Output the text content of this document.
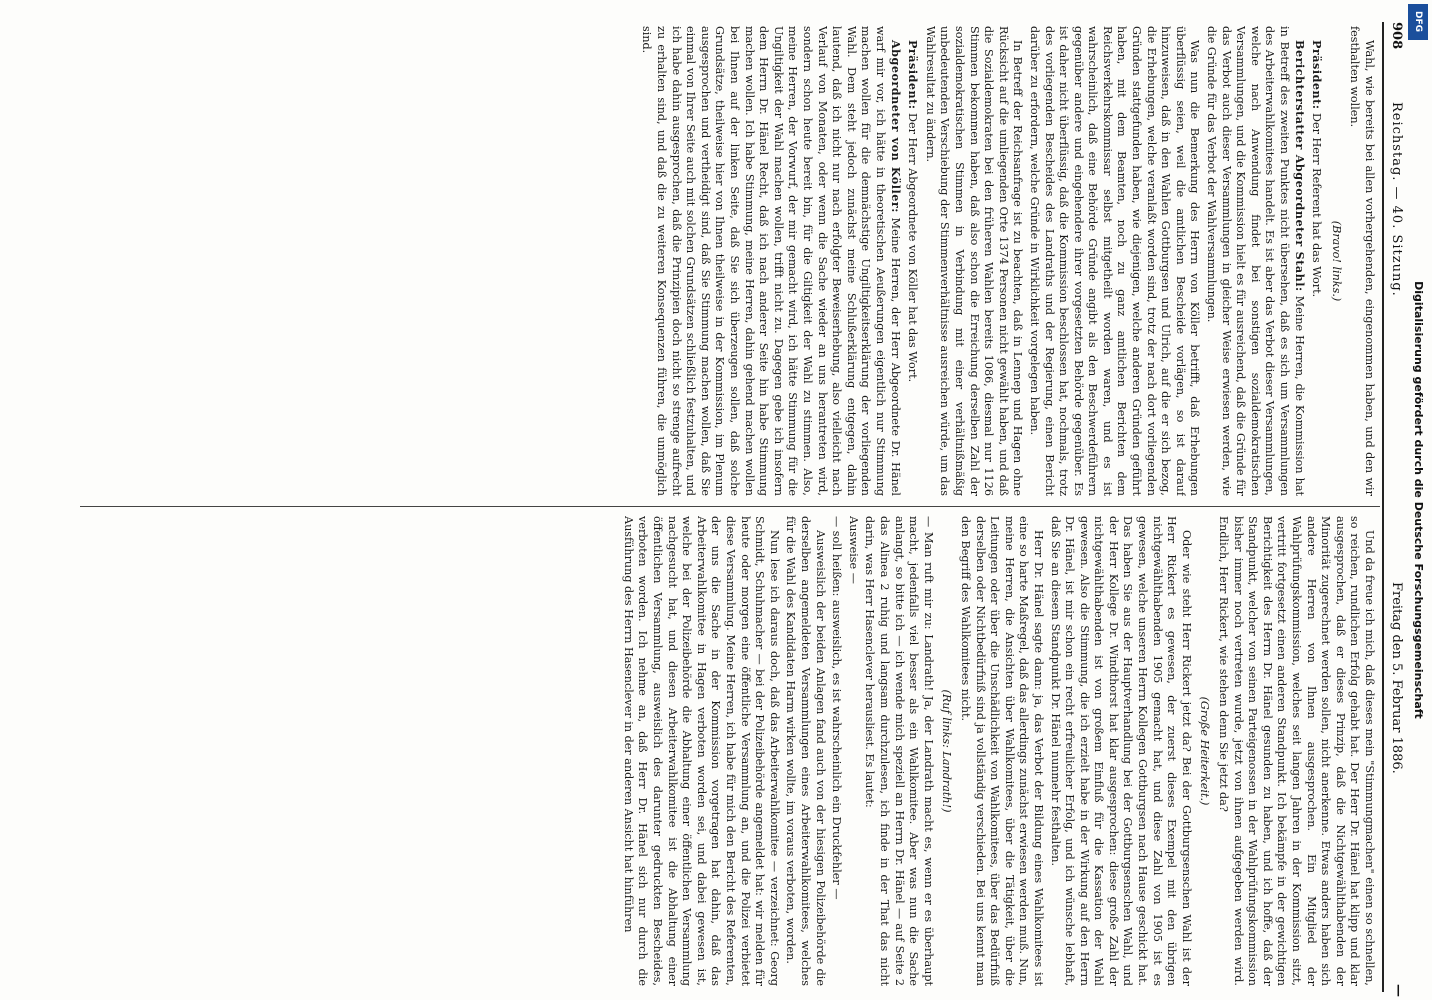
908
Reichstag. — 40. Sitzung.
Freitag den 5. Februar 1886.
—

Wahl, wie bereits bei allen vorhergehenden, eingenommen haben, und den wir festhalten wollen.

(Bravo! links.)

Präsident: Der Herr Referent hat das Wort.

Berichterstatter Abgeordneter Stahl: Meine Herren, die Kommission hat in Betreff des zweiten Punktes nicht übersehen, daß es sich um Versammlungen des Arbeiterwahlkomitees handelt. Es ist aber das Verbot dieser Versammlungen, welche nach Anwendung findet bei sonstigen sozialdemokratischen Versammlungen, und die Kommission hielt es für ausreichend, daß die Gründe für das Verbot auch dieser Versammlungen in gleicher Weise erwiesen werden, wie die Gründe für das Verbot der Wahlversammlungen.

Was nun die Bemerkung des Herrn von Köller betrifft, daß Erhebungen überflüssig seien, weil die amtlichen Bescheide vorlägen, so ist darauf hinzuweisen, daß in den Wahlen Gottburgsen und Ulrich, auf die er sich bezog, die Erhebungen, welche veranlaßt worden sind, trotz der nach dort vorliegenden Gründen stattgefunden haben, wie diejenigen, welche anderen Gründen geführt haben, mit dem Beamten, noch zu ganz amtlichen Berichten dem Reichsverkehrskommissar selbst mitgetheilt worden waren, und es ist wahrscheinlich, daß eine Behörde Gründe angibt als den Beschwerdeführern gegenüber andere und eingehendere ihrer vorgesetzten Behörde gegenüber. Es ist daher nicht überflüssig, daß die Kommission beschlossen hat, nochmals, trotz des vorliegenden Bescheides des Landraths und der Regierung, einen Bericht darüber zu erfordern, welche Gründe in Wirklichkeit vorgelegen haben.

In Betreff der Reichsanfrage ist zu beachten, daß in Lennep und Hagen ohne Rücksicht auf die umliegenden Orte 1374 Personen nicht gewählt haben, und daß die Sozialdemokraten bei den früheren Wahlen bereits 1086, diesmal nur 1126 Stimmen bekommen haben, daß also schon die Erreichung derselben Zahl der sozialdemokratischen Stimmen in Verbindung mit einer verhältnißmäßig unbedeutenden Verschiebung der Stimmenverhältnisse ausreichen würde, um das Wahlresultat zu ändern.

Präsident: Der Herr Abgeordnete von Köller hat das Wort.

Abgeordneter von Köller: Meine Herren, der Herr Abgeordnete Dr. Hänel warf mir vor, ich hätte in theoretischen Aeußerungen eigentlich nur Stimmung machen wollen für die demnächstige Ungiltigkeitserklärung der vorliegenden Wahl. Dem steht jedoch zunächst meine Schlußerklärung entgegen, dahin lautend, daß ich nicht nur nach erfolgter Beweiserhebung, also vielleicht nach Verlauf von Monaten, oder wenn die Sache wieder an uns herantreten wird, sondern schon heute bereit bin, für die Giltigkeit der Wahl zu stimmen. Also, meine Herren, der Vorwurf, der mir gemacht wird, ich hätte Stimmung für die Ungiltigkeit der Wahl machen wollen, trifft nicht zu. Dagegen gebe ich insofern dem Herrn Dr. Hänel Recht, daß ich nach anderer Seite hin habe Stimmung machen wollen. Ich habe Stimmung, meine Herren, dahin gehend machen wollen bei Ihnen auf der linken Seite, daß Sie sich überzeugen sollen, daß solche Grundsätze, theilweise hier von Ihnen theilweise in der Kommission, im Plenum ausgesprochen und vertheidigt sind, daß Sie Stimmung machen wollen, daß Sie einmal von Ihrer Seite auch mit solchen Grundsätzen schließlich festzuhalten, und ich habe dahin ausgesprochen, daß die Prinzipien doch nicht so strenge aufrecht zu erhalten sind, und daß die zu weiteren Konsequenzen führen, die unmöglich sind.

Und da freue ich mich, daß dieses mein "Stimmungmachen" einen so schnellen, so reichen, rundlichen Erfolg gehabt hat. Der Herr Dr. Hänel hat klipp und klar ausgesprochen, daß er dieses Prinzip, daß die Nichtgewählthabenden der Minorität zugerechnet werden sollen, nicht anerkenne. Etwas anders haben sich andere Herren von Ihnen ausgesprochen. Ein Mitglied der Wahlprüfungskommission, welches seit langen Jahren in der Kommission sitzt, vertritt fortgesetzt einen anderen Standpunkt. Ich bekämpfe in der gewichtigen Berichtigkeit des Herrn Dr. Hänel gesunden zu haben, und ich hoffe, daß der Standpunkt, welcher von seinen Parteigenossen in der Wahlprüfungskommission bisher immer noch vertreten wurde, jetzt von ihnen aufgegeben werden wird. Endlich, Herr Rickert, wie stehen denn Sie jetzt da?

(Große Heiterkeit.)

Oder wie steht Herr Rickert jetzt da? Bei der Gottburgsenschen Wahl ist der Herr Rickert es gewesen, der zuerst dieses Exempel mit den übrigen nichtgewählthabenden 1905 gemacht hat, und diese Zahl von 1905 ist es gewesen, welche unseren Herrn Kollegen Gottburgsen nach Hause geschickt hat. Das haben Sie aus der Hauptverhandlung bei der Gottburgsenschen Wahl, und der Herr Kollege Dr. Windthorst hat klar ausgesprochen: diese große Zahl der nichtgewählthabenden ist von großem Einfluß für die Kassation der Wahl gewesen. Also die Stimmung, die ich erzielt habe in der Wirkung auf den Herrn Dr. Hänel, ist mir schon ein recht erfreulicher Erfolg, und ich wünsche lebhaft, daß Sie an diesem Standpunkt Dr. Hänel nunmehr festhalten.

Herr Dr. Hänel sagte dann: ja, das Verbot der Bildung eines Wahlkomitees ist eine so harte Maßregel, daß das allerdings zunächst erwiesen werden muß. Nun, meine Herren, die Ansichten über Wahlkomitees, über die Tätigkeit, über die Leitungen oder über die Unschädlichkeit von Wahlkomitees, über das Bedürfniß derselben oder Nichtbedürfniß sind ja vollständig verschieden. Bei uns kennt man den Begriff des Wahlkomitees nicht.

(Ruf links: Landrath!)

— Man ruft mir zu: Landrath! Ja, der Landrath macht es, wenn er es überhaupt macht, jedenfalls viel besser als ein Wahlkomitee. Aber was nun die Sache anlangt, so bitte ich — ich wende mich speziell an Herrn Dr. Hänel — auf Seite 2 das Alinea 2 ruhig und langsam durchzulesen, ich finde in der That das nicht darin, was Herr Hasenclever herausliest. Es lautet:

Ausweise —

— soll heißen: ausweislich, es ist wahrscheinlich ein Druckfehler —

Ausweislich der beiden Anlagen fand auch von der hiesigen Polizeibehörde die derselben angemeldeten Versammlungen eines Arbeiterwahlkomitees, welches für die Wahl des Kandidaten Harm wirken wollte, im voraus verboten, worden.

Nun lese ich daraus doch, daß das Arbeiterwahlkomitee — verzeichnet: Georg Schmidt, Schuhmacher — bei der Polizeibehörde angemeldet hat: wir melden für heute oder morgen eine öffentliche Versammlung an, und die Polizei verbietet diese Versammlung. Meine Herren, ich habe für mich den Bericht des Referenten, der uns die Sache in der Kommission vorgetragen hat dahin, daß das Arbeiterwahlkomitee in Hagen verboten worden sei, und dabei gewesen ist, welche bei der Polizeibehörde die Abhaltung einer öffentlichen Versammlung nachgesucht hat, und diesen Arbeiterwahlkomitee ist die Abhaltung einer öffentlichen Versammlung, ausweislich des darunter gedruckten Bescheides, verboten worden. Ich nehme an, daß Herr Dr. Hänel sich nur durch die Ausführung des Herrn Hasenclever in der anderen Ansicht hat hinführen

DFG
Digitalisierung gefördert durch die Deutsche Forschungsgemeinschaft
